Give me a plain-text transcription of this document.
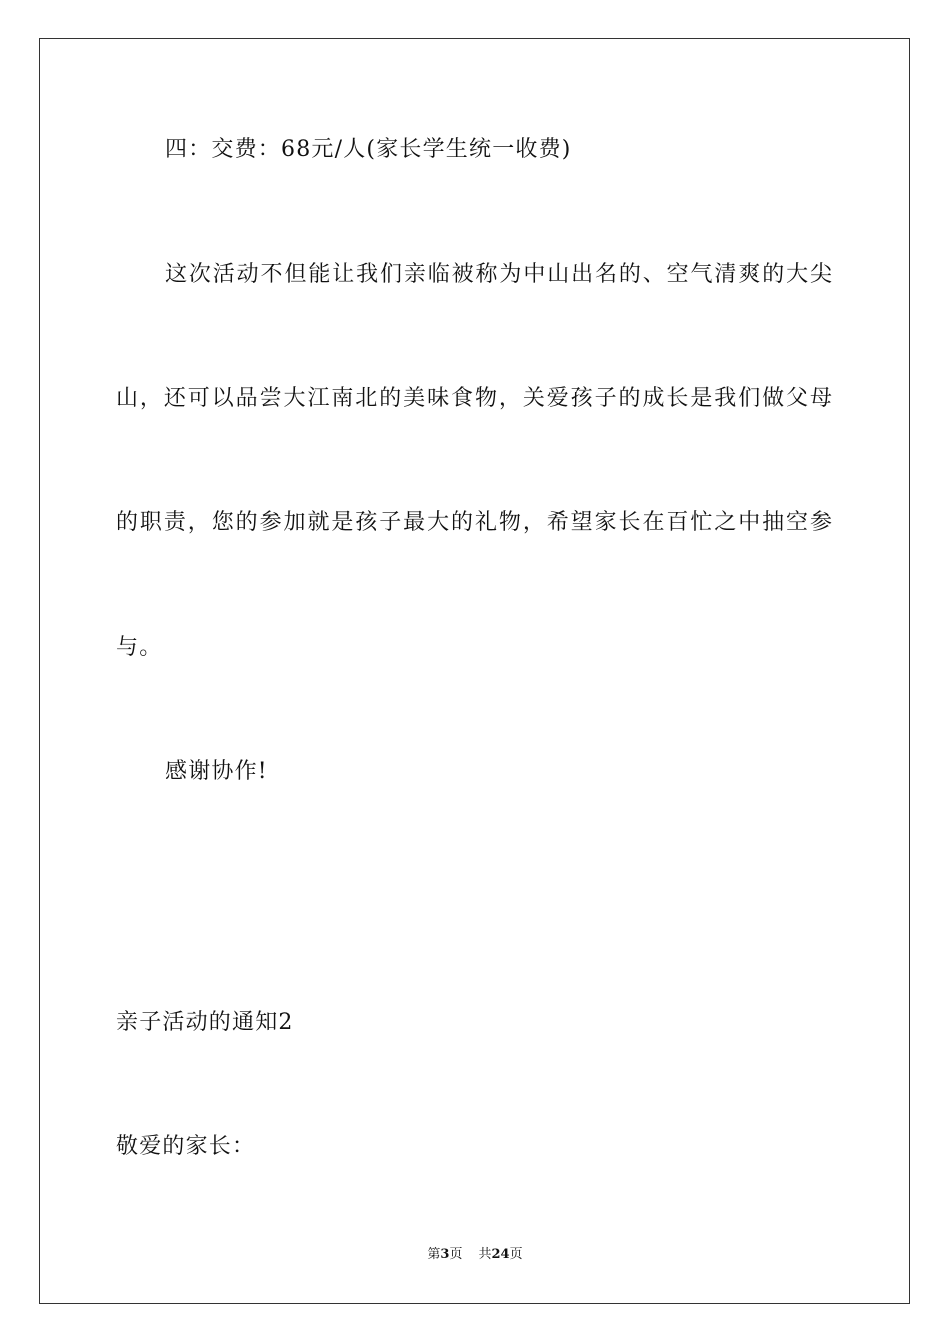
四：交费：68元/人(家长学生统一收费)
这次活动不但能让我们亲临被称为中山出名的、空气清爽的大尖
山，还可以品尝大江南北的美味食物，关爱孩子的成长是我们做父母
的职责，您的参加就是孩子最大的礼物，希望家长在百忙之中抽空参
与。
感谢协作!
亲子活动的通知2
敬爱的家长：
第3页 共24页
